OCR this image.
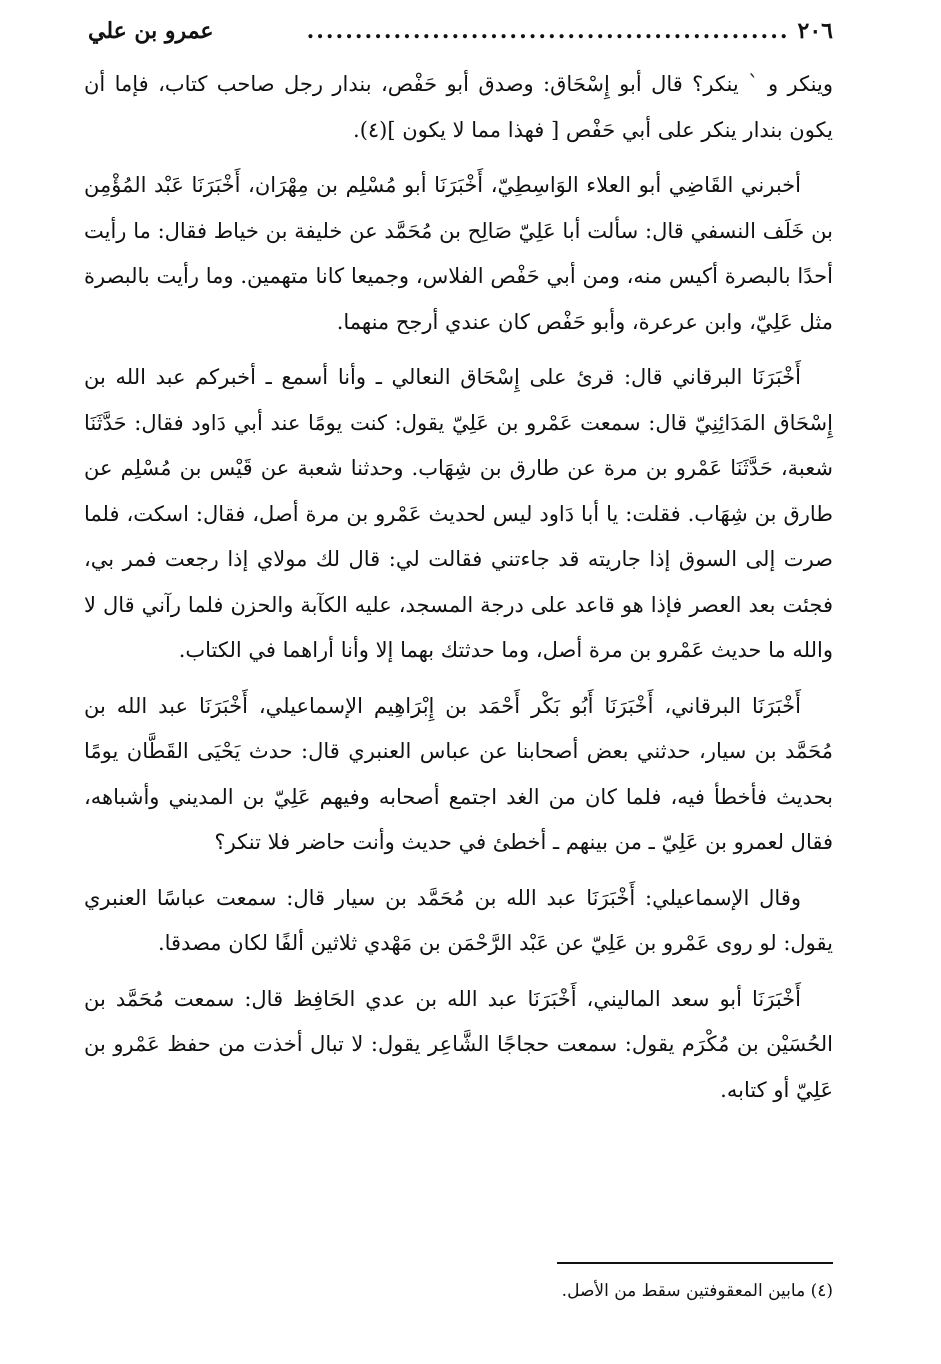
٢٠٦
..................................................
عمرو بن علي

وينكر و ` ينكر؟ قال أبو إِسْحَاق: وصدق أبو حَفْص، بندار رجل صاحب كتاب، فإما أن يكون بندار ينكر على أبي حَفْص [ فهذا مما لا يكون ](٤).

أخبرني القَاضِي أبو العلاء الوَاسِطِيّ، أَخْبَرَنَا أبو مُسْلِم بن مِهْرَان، أَخْبَرَنَا عَبْد المُؤْمِن بن خَلَف النسفي قال: سألت أبا عَلِيّ صَالِح بن مُحَمَّد عن خليفة بن خياط فقال: ما رأيت أحدًا بالبصرة أكيس منه، ومن أبي حَفْص الفلاس، وجميعا كانا متهمين. وما رأيت بالبصرة مثل عَلِيّ، وابن عرعرة، وأبو حَفْص كان عندي أرجح منهما.

أَخْبَرَنَا البرقاني قال: قرئ على إِسْحَاق النعالي ـ وأنا أسمع ـ أخبركم عبد الله بن إِسْحَاق المَدَائِنِيّ قال: سمعت عَمْرو بن عَلِيّ يقول: كنت يومًا عند أبي دَاود فقال: حَدَّثَنَا شعبة، حَدَّثَنَا عَمْرو بن مرة عن طارق بن شِهَاب. وحدثنا شعبة عن قَيْس بن مُسْلِم عن طارق بن شِهَاب. فقلت: يا أبا دَاود ليس لحديث عَمْرو بن مرة أصل، فقال: اسكت، فلما صرت إلى السوق إذا جاريته قد جاءتني فقالت لي: قال لك مولاي إذا رجعت فمر بي، فجئت بعد العصر فإذا هو قاعد على درجة المسجد، عليه الكآبة والحزن فلما رآني قال لا والله ما حديث عَمْرو بن مرة أصل، وما حدثتك بهما إلا وأنا أراهما في الكتاب.

أَخْبَرَنَا البرقاني، أَخْبَرَنَا أَبُو بَكْر أَحْمَد بن إِبْرَاهِيم الإسماعيلي، أَخْبَرَنَا عبد الله بن مُحَمَّد بن سيار، حدثني بعض أصحابنا عن عباس العنبري قال: حدث يَحْيَى القَطَّان يومًا بحديث فأخطأ فيه، فلما كان من الغد اجتمع أصحابه وفيهم عَلِيّ بن المديني وأشباهه، فقال لعمرو بن عَلِيّ ـ من بينهم ـ أخطئ في حديث وأنت حاضر فلا تنكر؟

وقال الإسماعيلي: أَخْبَرَنَا عبد الله بن مُحَمَّد بن سيار قال: سمعت عباسًا العنبري يقول: لو روى عَمْرو بن عَلِيّ عن عَبْد الرَّحْمَن بن مَهْدي ثلاثين ألفًا لكان مصدقا.

أَخْبَرَنَا أبو سعد الماليني، أَخْبَرَنَا عبد الله بن عدي الحَافِظ قال: سمعت مُحَمَّد بن الحُسَيْن بن مُكْرَم يقول: سمعت حجاجًا الشَّاعِر يقول: لا تبال أخذت من حفظ عَمْرو بن عَلِيّ أو كتابه.

(٤) مابين المعقوفتين سقط من الأصل.
